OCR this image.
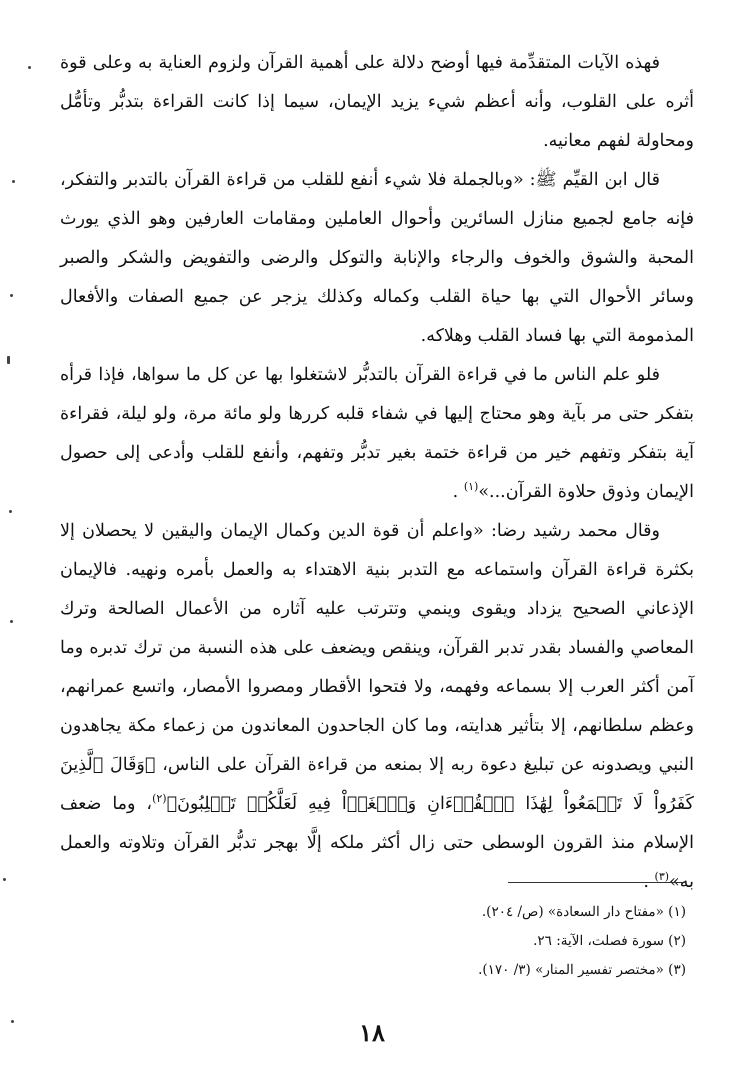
فهذه الآيات المتقدِّمة فيها أوضح دلالة على أهمية القرآن ولزوم العناية به وعلى قوة أثره على القلوب، وأنه أعظم شيء يزيد الإيمان، سيما إذا كانت القراءة بتدبُّر وتأمُّل ومحاولة لفهم معانيه.

قال ابن القيِّم ﷺ: «وبالجملة فلا شيء أنفع للقلب من قراءة القرآن بالتدبر والتفكر، فإنه جامع لجميع منازل السائرين وأحوال العاملين ومقامات العارفين وهو الذي يورث المحبة والشوق والخوف والرجاء والإنابة والتوكل والرضى والتفويض والشكر والصبر وسائر الأحوال التي بها حياة القلب وكماله وكذلك يزجر عن جميع الصفات والأفعال المذمومة التي بها فساد القلب وهلاكه.

فلو علم الناس ما في قراءة القرآن بالتدبُّر لاشتغلوا بها عن كل ما سواها، فإذا قرأه بتفكر حتى مر بآية وهو محتاج إليها في شفاء قلبه كررها ولو مائة مرة، ولو ليلة، فقراءة آية بتفكر وتفهم خير من قراءة ختمة بغير تدبُّر وتفهم، وأنفع للقلب وأدعى إلى حصول الإيمان وذوق حلاوة القرآن...»$^{(١)}$ .

وقال محمد رشيد رضا: «واعلم أن قوة الدين وكمال الإيمان واليقين لا يحصلان إلا بكثرة قراءة القرآن واستماعه مع التدبر بنية الاهتداء به والعمل بأمره ونهيه. فالإيمان الإذعاني الصحيح يزداد ويقوى وينمي وتترتب عليه آثاره من الأعمال الصالحة وترك المعاصي والفساد بقدر تدبر القرآن، وينقص ويضعف على هذه النسبة من ترك تدبره وما آمن أكثر العرب إلا بسماعه وفهمه، ولا فتحوا الأقطار ومصروا الأمصار، واتسع عمرانهم، وعظم سلطانهم، إلا بتأثير هدايته، وما كان الجاحدون المعاندون من زعماء مكة يجاهدون النبي ويصدونه عن تبليغ دعوة ربه إلا بمنعه من قراءة القرآن على الناس، ﴿وَقَالَ ٱلَّذِينَ كَفَرُواْ لَا تَسۡمَعُواْ لِهَٰذَا ٱلۡقُرۡءَانِ وَٱلۡغَوۡاْ فِيهِ لَعَلَّكُمۡ تَغۡلِبُونَ﴾$^{(٢)}$، وما ضعف الإسلام منذ القرون الوسطى حتى زال أكثر ملكه إلَّا بهجر تدبُّر القرآن وتلاوته والعمل به»$^{(٣)}$ .

(١) «مفتاح دار السعادة» (ص/ ٢٠٤).

(٢) سورة فصلت، الآية: ٢٦.

(٣) «مختصر تفسير المنار» (٣/ ١٧٠).

١٨
